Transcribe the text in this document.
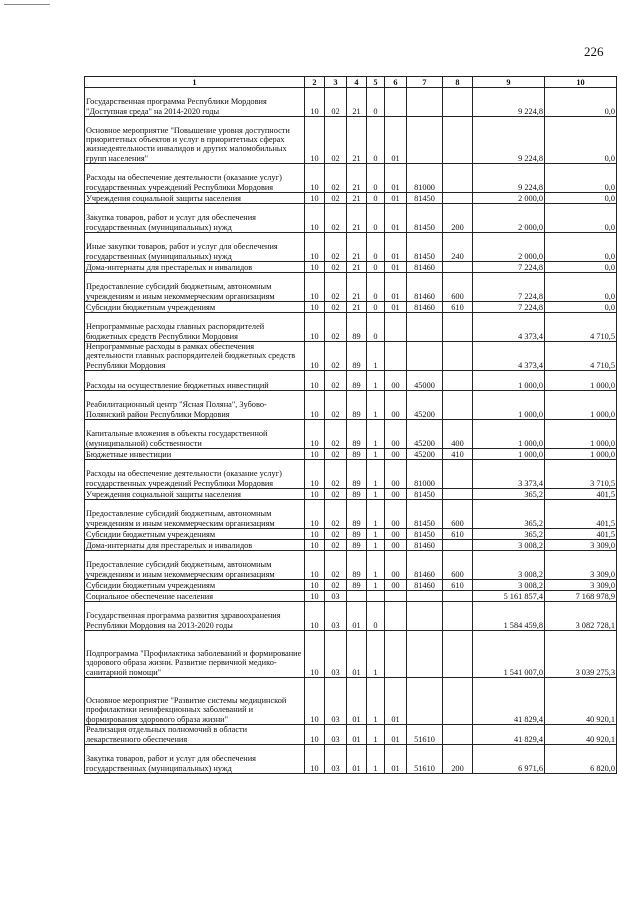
226
1	2	3	4	5	6	7	8	9	10
Государственная программа Республики Мордовия "Доступная среда" на 2014-2020 годы	10	02	21	0				9 224,8	0,0
Основное мероприятие "Повышение уровня доступности приоритетных объектов и услуг в приоритетных сферах жизнедеятельности инвалидов и других маломобильных групп населения"	10	02	21	0	01			9 224,8	0,0
Расходы на обеспечение деятельности (оказание услуг) государственных учреждений Республики Мордовия	10	02	21	0	01	81000		9 224,8	0,0
Учреждения социальной защиты населения	10	02	21	0	01	81450		2 000,0	0,0
Закупка товаров, работ и услуг для обеспечения государственных (муниципальных) нужд	10	02	21	0	01	81450	200	2 000,0	0,0
Иные закупки товаров, работ и услуг для обеспечения государственных (муниципальных) нужд	10	02	21	0	01	81450	240	2 000,0	0,0
Дома-интернаты для престарелых и инвалидов	10	02	21	0	01	81460		7 224,8	0,0
Предоставление субсидий бюджетным, автономным учреждениям и иным некоммерческим организациям	10	02	21	0	01	81460	600	7 224,8	0,0
Субсидии бюджетным учреждениям	10	02	21	0	01	81460	610	7 224,8	0,0
Непрограммные расходы главных распорядителей бюджетных средств Республики Мордовия	10	02	89	0				4 373,4	4 710,5
Непрограммные расходы в рамках обеспечения деятельности главных распорядителей бюджетных средств Республики Мордовия	10	02	89	1				4 373,4	4 710,5
Расходы на осуществление бюджетных инвестиций	10	02	89	1	00	45000		1 000,0	1 000,0
Реабилитационный центр "Ясная Поляна", Зубово-Полянский район Республики Мордовия	10	02	89	1	00	45200		1 000,0	1 000,0
Капитальные вложения в объекты государственной (муниципальной) собственности	10	02	89	1	00	45200	400	1 000,0	1 000,0
Бюджетные инвестиции	10	02	89	1	00	45200	410	1 000,0	1 000,0
Расходы на обеспечение деятельности (оказание услуг) государственных учреждений Республики Мордовия	10	02	89	1	00	81000		3 373,4	3 710,5
Учреждения социальной защиты населения	10	02	89	1	00	81450		365,2	401,5
Предоставление субсидий бюджетным, автономным учреждениям и иным некоммерческим организациям	10	02	89	1	00	81450	600	365,2	401,5
Субсидии бюджетным учреждениям	10	02	89	1	00	81450	610	365,2	401,5
Дома-интернаты для престарелых и инвалидов	10	02	89	1	00	81460		3 008,2	3 309,0
Предоставление субсидий бюджетным, автономным учреждениям и иным некоммерческим организациям	10	02	89	1	00	81460	600	3 008,2	3 309,0
Субсидии бюджетным учреждениям	10	02	89	1	00	81460	610	3 008,2	3 309,0
Социальное обеспечение населения	10	03						5 161 857,4	7 168 978,9
Государственная программа развития здравоохранения Республики Мордовия на 2013-2020 годы	10	03	01	0				1 584 459,8	3 082 728,1
Подпрограмма "Профилактика заболеваний и формирование здорового образа жизни. Развитие первичной медико-санитарной помощи"	10	03	01	1				1 541 007,0	3 039 275,3
Основное мероприятие "Развитие системы медицинской профилактики неинфекционных заболеваний и формирования здорового образа жизни"	10	03	01	1	01			41 829,4	40 920,1
Реализация отдельных полномочий в области лекарственного обеспечения	10	03	01	1	01	51610		41 829,4	40 920,1
Закупка товаров, работ и услуг для обеспечения государственных (муниципальных) нужд	10	03	01	1	01	51610	200	6 971,6	6 820,0
